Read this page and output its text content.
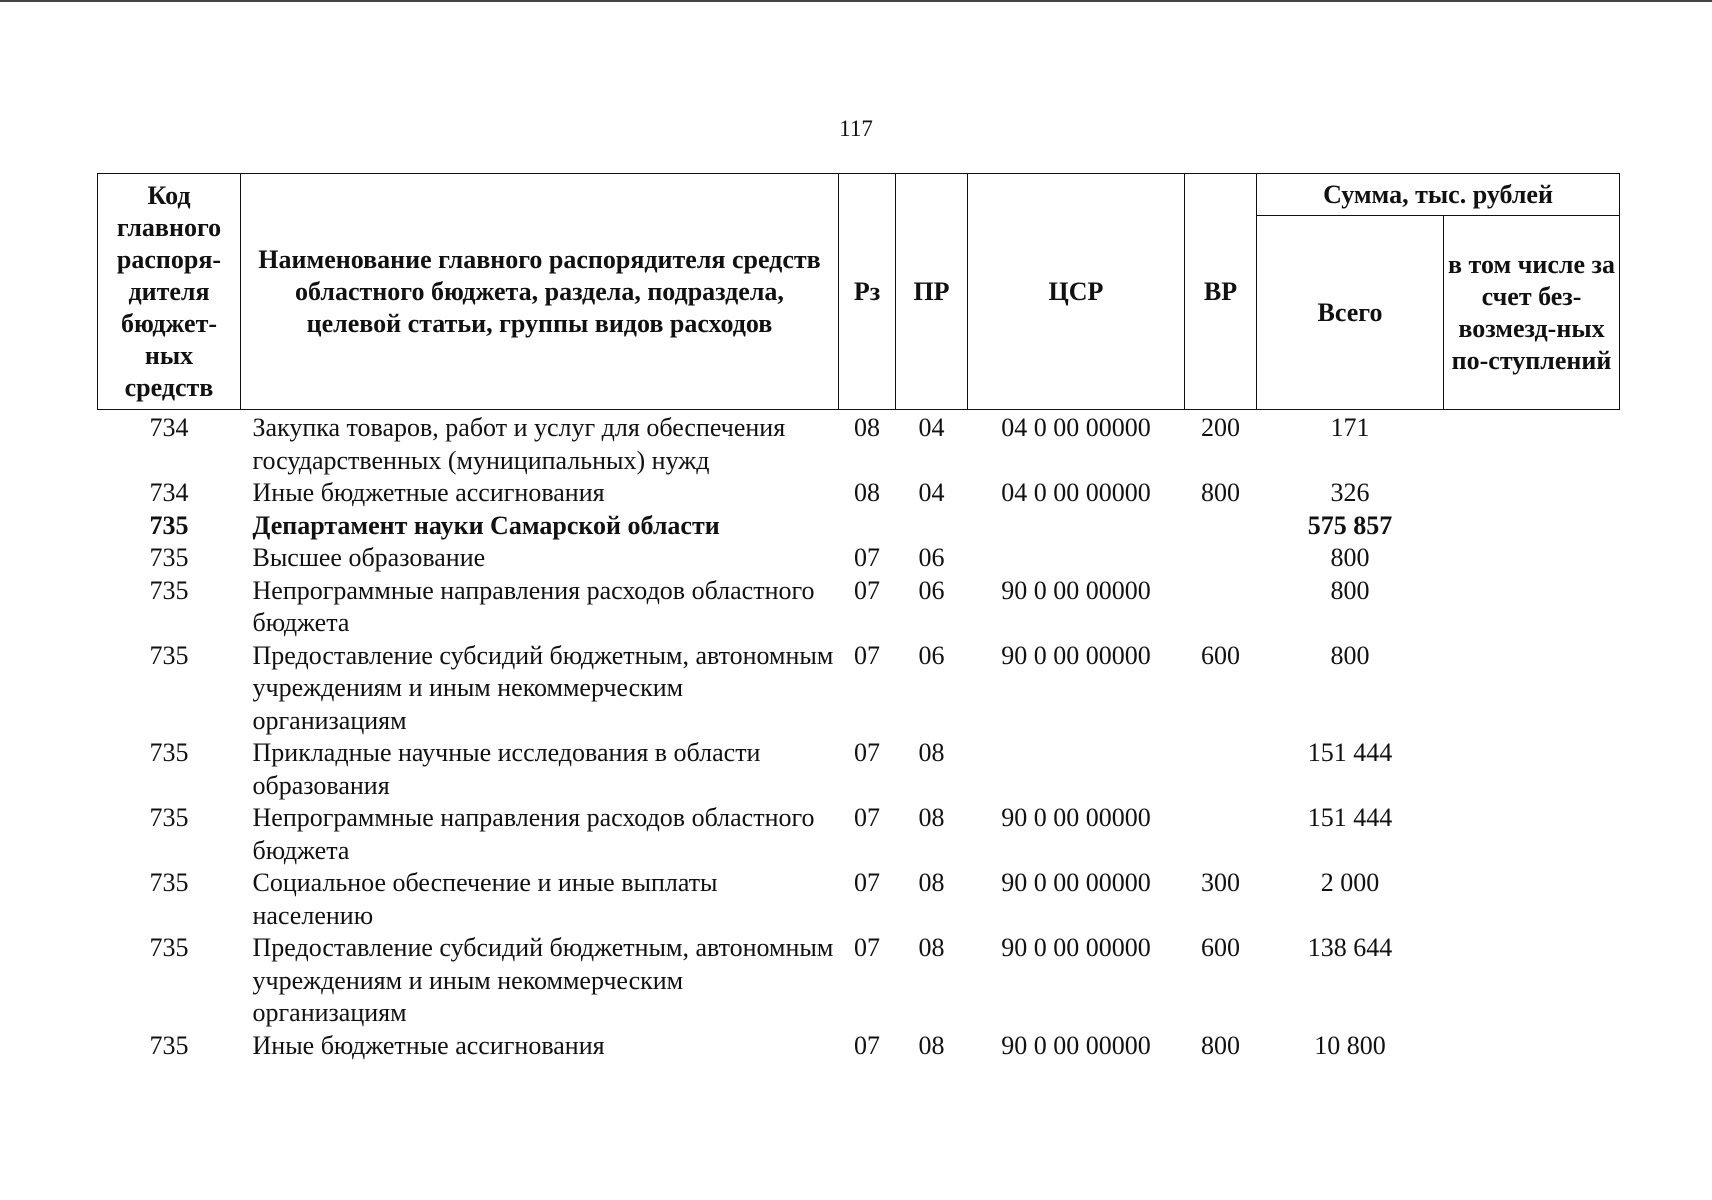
117
Код главного распоря-дителя бюджет-ных средств	Наименование главного распорядителя средств областного бюджета, раздела, подраздела, целевой статьи, группы видов расходов	Рз	ПР	ЦСР	ВР	Сумма, тыс. рублей	
						Всего	в том числе за счет без-возмезд-ных по-ступлений
734	Закупка товаров, работ и услуг для обеспечения государственных (муниципальных) нужд	08	04	04 0 00 00000	200	171	
734	Иные бюджетные ассигнования	08	04	04 0 00 00000	800	326	
735	Департамент науки Самарской области					575 857	
735	Высшее образование	07	06			800	
735	Непрограммные направления расходов областного бюджета	07	06	90 0 00 00000		800	
735	Предоставление субсидий бюджетным, автономным учреждениям и иным некоммерческим организациям	07	06	90 0 00 00000	600	800	
735	Прикладные научные исследования в области образования	07	08			151 444	
735	Непрограммные направления расходов областного бюджета	07	08	90 0 00 00000		151 444	
735	Социальное обеспечение и иные выплаты населению	07	08	90 0 00 00000	300	2 000	
735	Предоставление субсидий бюджетным, автономным учреждениям и иным некоммерческим организациям	07	08	90 0 00 00000	600	138 644	
735	Иные бюджетные ассигнования	07	08	90 0 00 00000	800	10 800	
